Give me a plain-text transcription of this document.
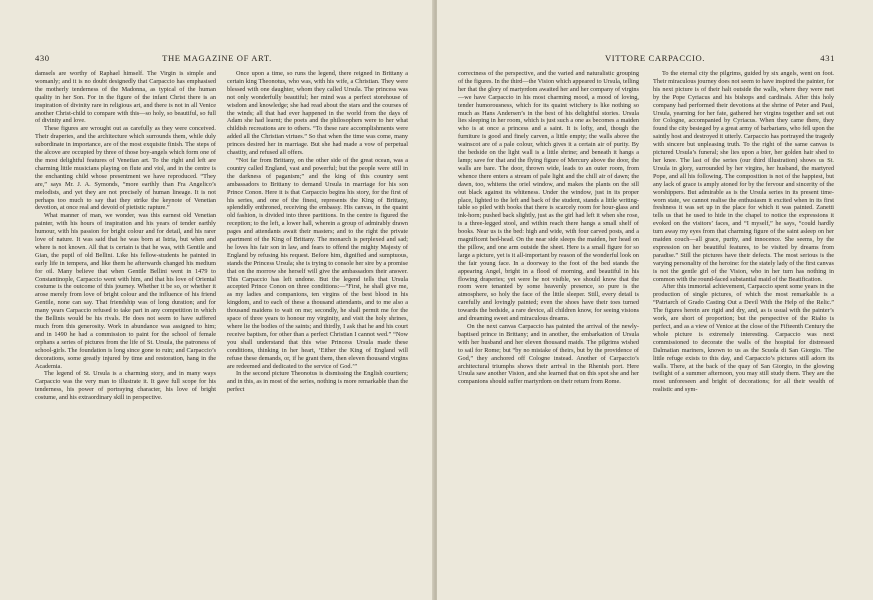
430	THE MAGAZINE OF ART.

damsels are worthy of Raphael himself. The Virgin is simple and womanly; and it is no doubt designedly that Carpaccio has emphasised the motherly tenderness of the Madonna, as typical of the human quality in her Son. For in the figure of the infant Christ there is an inspiration of divinity rare in religious art, and there is not in all Venice another Christ-child to compare with this—so holy, so beautiful, so full of divinity and love.

These figures are wrought out as carefully as they were conceived. Their draperies, and the architecture which surrounds them, while duly subordinate in importance, are of the most exquisite finish. The steps of the alcove are occupied by three of those boy-angels which form one of the most delightful features of Venetian art. To the right and left are charming little musicians playing on flute and viol, and in the centre is the enchanting child whose presentment we have reproduced. “They are,” says Mr. J. A. Symonds, “more earthly than Fra Angelico’s melodists, and yet they are not precisely of human lineage. It is not perhaps too much to say that they strike the keynote of Venetian devotion, at once real and devoid of pietistic rapture.”

What manner of man, we wonder, was this earnest old Venetian painter, with his hours of inspiration and his years of tender earthly humour, with his passion for bright colour and for detail, and his rarer love of nature. It was said that he was born at Istria, but when and where is not known. All that is certain is that he was, with Gentile and Gian, the pupil of old Bellini. Like his fellow-students he painted in early life in tempera, and like them he afterwards changed his medium for oil. Many believe that when Gentile Bellini went in 1479 to Constantinople, Carpaccio went with him, and that his love of Oriental costume is the outcome of this journey. Whether it be so, or whether it arose merely from love of bright colour and the influence of his friend Gentile, none can say. That friendship was of long duration; and for many years Carpaccio refused to take part in any competition in which the Bellinis would be his rivals. He does not seem to have suffered much from this generosity. Work in abundance was assigned to him; and in 1490 he had a commission to paint for the school of female orphans a series of pictures from the life of St. Ursula, the patroness of school-girls. The foundation is long since gone to ruin; and Carpaccio’s decorations, some greatly injured by time and restoration, hang in the Academia.

The legend of St. Ursula is a charming story, and in many ways Carpaccio was the very man to illustrate it. It gave full scope for his tenderness, his power of portraying character, his love of bright costume, and his extraordinary skill in perspective.

Once upon a time, so runs the legend, there reigned in Brittany a certain king Theonotus, who was, with his wife, a Christian. They were blessed with one daughter, whom they called Ursula. The princess was not only wonderfully beautiful; her mind was a perfect storehouse of wisdom and knowledge; she had read about the stars and the courses of the winds; all that had ever happened in the world from the days of Adam she had learnt; the poets and the philosophers were to her what childish recreations are to others. “To these rare accomplishments were added all the Christian virtues.” So that when the time was come, many princes desired her in marriage. But she had made a vow of perpetual chastity, and refused all offers.

“Not far from Brittany, on the other side of the great ocean, was a country called England, vast and powerful; but the people were still in the darkness of paganism;” and the king of this country sent ambassadors to Brittany to demand Ursula in marriage for his son Prince Conon. Here it is that Carpaccio begins his story, for the first of his series, and one of the finest, represents the King of Brittany, splendidly enthroned, receiving the embassy. His canvas, in the quaint old fashion, is divided into three partitions. In the centre is figured the reception; to the left, a lower hall, wherein a group of admirably drawn pages and attendants await their masters; and to the right the private apartment of the King of Brittany. The monarch is perplexed and sad; he loves his fair son in law, and fears to offend the mighty Majesty of England by refusing his request. Before him, dignified and sumptuous, stands the Princess Ursula; she is trying to console her sire by a promise that on the morrow she herself will give the ambassadors their answer. This Carpaccio has left undone. But the legend tells that Ursula accepted Prince Conon on three conditions:—“First, he shall give me, as my ladies and companions, ten virgins of the best blood in his kingdom, and to each of these a thousand attendants, and to me also a thousand maidens to wait on me; secondly, he shall permit me for the space of three years to honour my virginity, and visit the holy shrines, where lie the bodies of the saints; and thirdly, I ask that he and his court receive baptism, for other than a perfect Christian I cannot wed.” “Now you shall understand that this wise Princess Ursula made these conditions, thinking in her heart, ‘Either the King of England will refuse these demands, or, if he grant them, then eleven thousand virgins are redeemed and dedicated to the service of God.’”

In the second picture Theonotus is dismissing the English courtiers; and in this, as in most of the series, nothing is more remarkable than the perfect

VITTORE CARPACCIO.	431

correctness of the perspective, and the varied and naturalistic grouping of the figures. In the third—the Vision which appeared to Ursula, telling her that the glory of martyrdom awaited her and her company of virgins—we have Carpaccio in his most charming mood, a mood of loving, tender humorousness, which for its quaint witchery is like nothing so much as Hans Andersen’s in the best of his delightful stories. Ursula lies sleeping in her room, which is just such a one as becomes a maiden who is at once a princess and a saint. It is lofty, and, though the furniture is good and finely carven, a little empty; the walls above the wainscot are of a pale colour, which gives it a certain air of purity. By the bedside on the light wall is a little shrine; and beneath it hangs a lamp; save for that and the flying figure of Mercury above the door, the walls are bare. The door, thrown wide, leads to an outer room, from whence there enters a stream of pale light and the chill air of dawn; the dawn, too, whitens the oriel window, and makes the plants on the sill out black against its whiteness. Under the window, just in its proper place, lighted to the left and back of the student, stands a little writing-table so piled with books that there is scarcely room for hour-glass and ink-horn; pushed back slightly, just as the girl had left it when she rose, is a three-legged stool, and within reach there hangs a small shelf of books. Near us is the bed: high and wide, with four carved posts, and a magnificent bed-head. On the near side sleeps the maiden, her head on the pillow, and one arm outside the sheet. Here is a small figure for so large a picture, yet is it all-important by reason of the wonderful look on the fair young face. In a doorway to the foot of the bed stands the appearing Angel, bright in a flood of morning, and beautiful in his flowing draperies; yet were he not visible, we should know that the room were tenanted by some heavenly presence, so pure is the atmosphere, so holy the face of the little sleeper. Still, every detail is carefully and lovingly painted; even the shoes have their toes turned towards the bedside, a rare device, all children know, for seeing visions and dreaming sweet and miraculous dreams.

On the next canvas Carpaccio has painted the arrival of the newly-baptised prince in Brittany; and in another, the embarkation of Ursula with her husband and her eleven thousand maids. The pilgrims wished to sail for Rome; but “by no mistake of theirs, but by the providence of God,” they anchored off Cologne instead. Another of Carpaccio’s architectural triumphs shows their arrival in the Rhenish port. Here Ursula saw another Vision, and she learned that on this spot she and her companions should suffer martyrdom on their return from Rome.

To the eternal city the pilgrims, guided by six angels, went on foot. Their miraculous journey does not seem to have inspired the painter, for his next picture is of their halt outside the walls, where they were met by the Pope Cyriacus and his bishops and cardinals. After this holy company had performed their devotions at the shrine of Peter and Paul, Ursula, yearning for her fate, gathered her virgins together and set out for Cologne, accompanied by Cyriacus. When they came there, they found the city besieged by a great army of barbarians, who fell upon the saintly host and destroyed it utterly. Carpaccio has portrayed the tragedy with sincere but unpleasing truth. To the right of the same canvas is pictured Ursula’s funeral; she lies upon a bier, her golden hair shed to her knee. The last of the series (our third illustration) shows us St. Ursula in glory, surrounded by her virgins, her husband, the martyred Pope, and all his following. The composition is not of the happiest, but any lack of grace is amply atoned for by the fervour and sincerity of the worshippers. But admirable as is the Ursula series in its present time-worn state, we cannot realise the enthusiasm it excited when in its first freshness it was set up in the place for which it was painted. Zanetti tells us that he used to hide in the chapel to notice the expressions it evoked on the visitors’ faces, and “I myself,” he says, “could hardly turn away my eyes from that charming figure of the saint asleep on her maiden couch—all grace, purity, and innocence. She seems, by the expression on her beautiful features, to be visited by dreams from paradise.” Still the pictures have their defects. The most serious is the varying personality of the heroine: for the stately lady of the first canvas is not the gentle girl of the Vision, who in her turn has nothing in common with the round-faced substantial maid of the Beatification.

After this immortal achievement, Carpaccio spent some years in the production of single pictures, of which the most remarkable is a “Patriarch of Grado Casting Out a Devil With the Help of the Relic.” The figures herein are rigid and dry, and, as is usual with the painter’s work, are short of proportion; but the perspective of the Rialto is perfect, and as a view of Venice at the close of the Fifteenth Century the whole picture is extremely interesting. Carpaccio was next commissioned to decorate the walls of the hospital for distressed Dalmatian mariners, known to us as the Scuola di San Giorgio. The little refuge exists to this day, and Carpaccio’s pictures still adorn its walls. There, at the back of the quay of San Giorgio, in the glowing twilight of a summer afternoon, you may still study them. They are the most unforeseen and bright of decorations; for all their wealth of realistic and sym-
